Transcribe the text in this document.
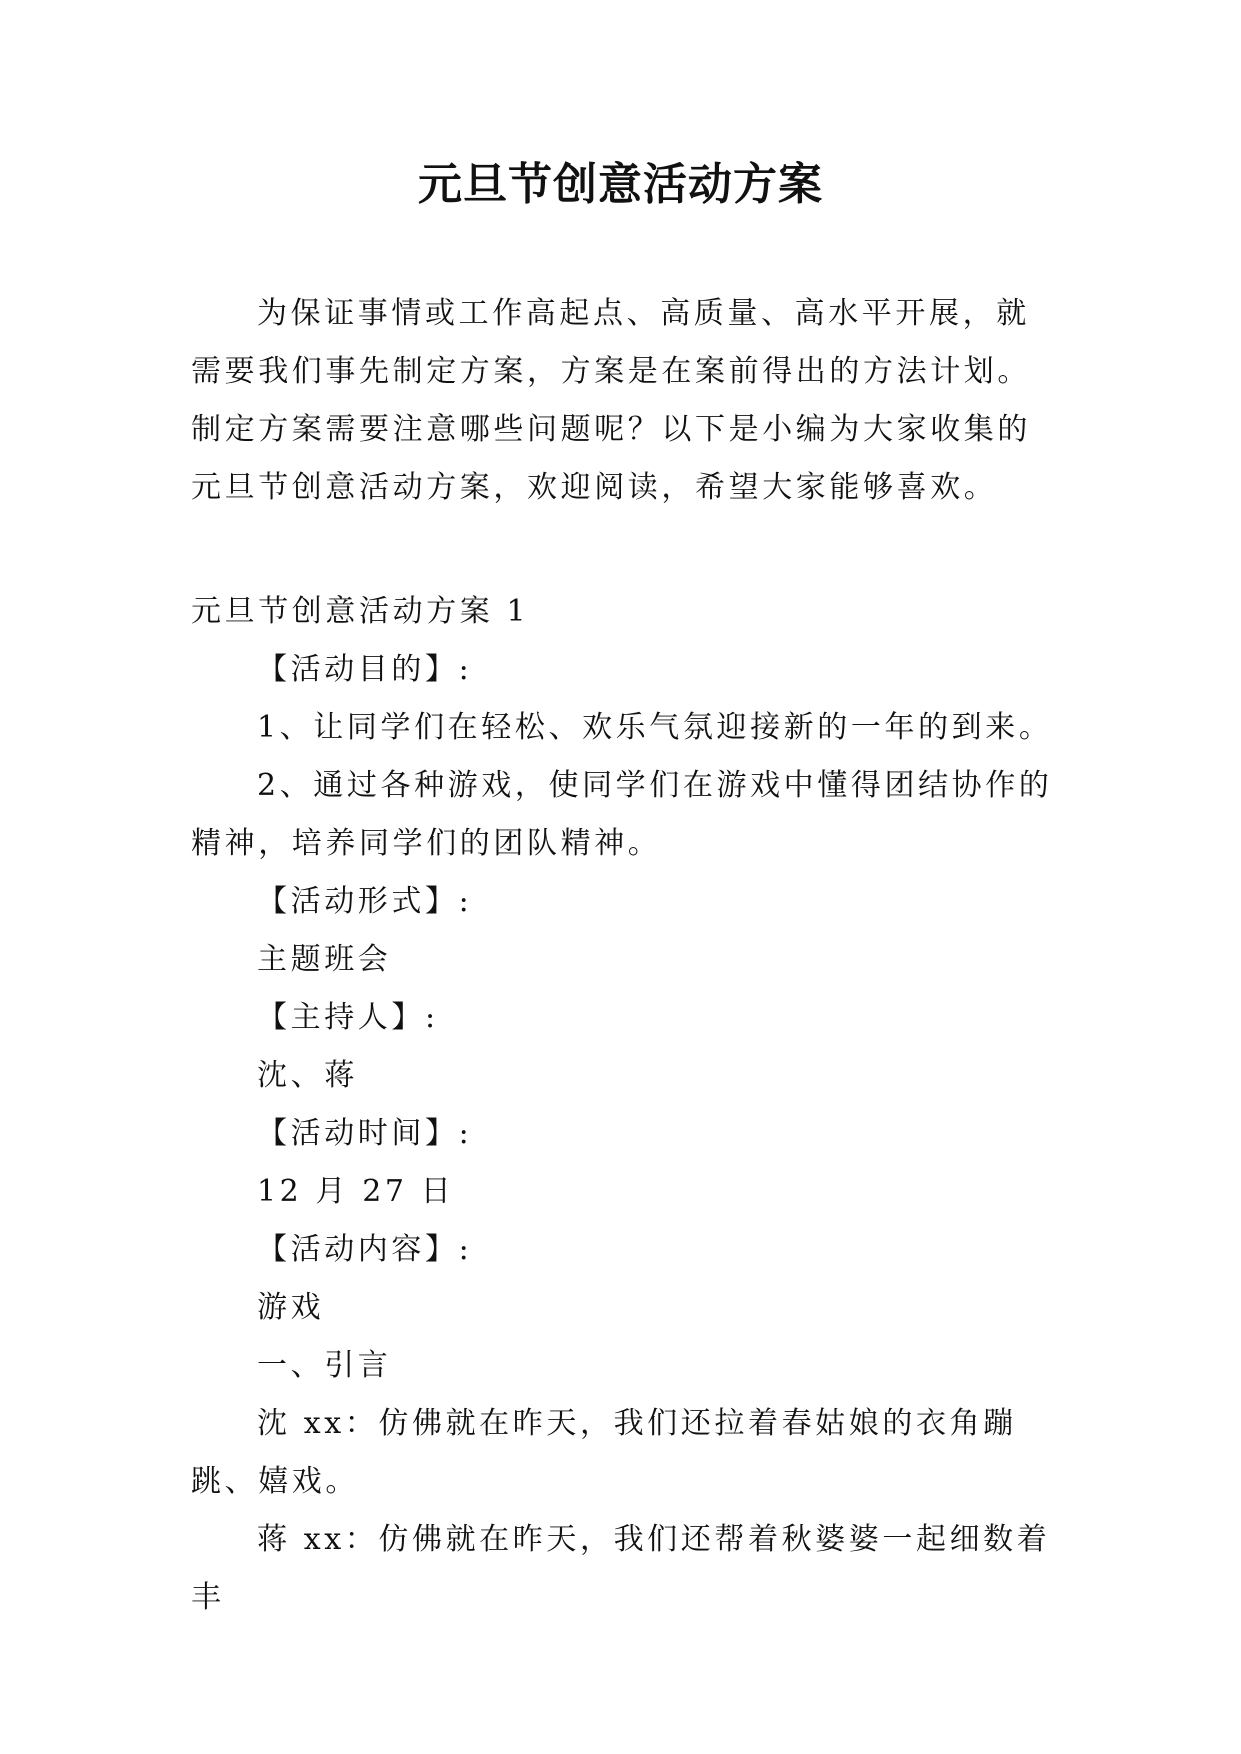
元旦节创意活动方案

为保证事情或工作高起点、高质量、高水平开展，就需要我们事先制定方案，方案是在案前得出的方法计划。制定方案需要注意哪些问题呢？以下是小编为大家收集的元旦节创意活动方案，欢迎阅读，希望大家能够喜欢。

元旦节创意活动方案 1

【活动目的】:

1、让同学们在轻松、欢乐气氛迎接新的一年的到来。

2、通过各种游戏，使同学们在游戏中懂得团结协作的精神，培养同学们的团队精神。

【活动形式】:

主题班会

【主持人】:

沈、蒋

【活动时间】:

12 月 27 日

【活动内容】:

游戏

一、引言

沈 xx：仿佛就在昨天，我们还拉着春姑娘的衣角蹦跳、嬉戏。

蒋 xx：仿佛就在昨天，我们还帮着秋婆婆一起细数着丰
